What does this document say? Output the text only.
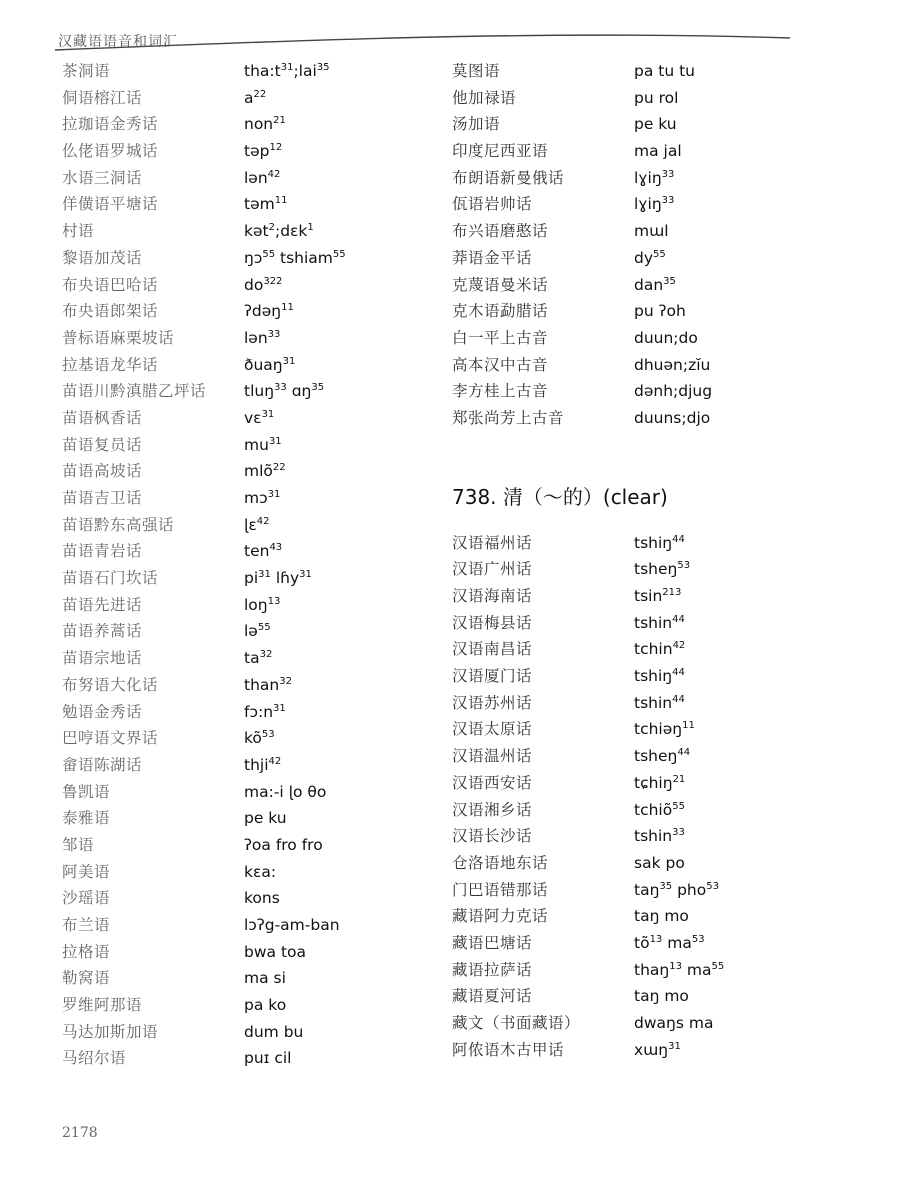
汉藏语语音和词汇
茶洞语	$tha:t^{31};lai^{35}$
侗语榕江话	$a^{22}$
拉珈语金秀话	non$^{21}$
仫佬语罗城话	təp$^{12}$
水语三洞话	lən$^{42}$
佯僙语平塘话	təm$^{11}$
村语	kət$^2$;dɛk$^1$
黎语加茂话	ŋɔ$^{55}$ tshiam$^{55}$
布央语巴哈话	$do^{322}$
布央语郎架话	ʔdəŋ$^{11}$
普标语麻栗坡话	lən$^{33}$
拉基语龙华话	ðuaŋ$^{31}$
苗语川黔滇腊乙坪话	tluŋ$^{33}$ ɑŋ$^{35}$
苗语枫香话	vɛ$^{31}$
苗语复员话	$mu^{31}$
苗语高坡话	mlõ$^{22}$
苗语吉卫话	mɔ$^{31}$
苗语黔东高强话	ɭɛ$^{42}$
苗语青岩话	ten$^{43}$
苗语石门坎话	$pi^{31}$ lɦy$^{31}$
苗语先进话	loŋ$^{13}$
苗语养蒿话	lə$^{55}$
苗语宗地话	$ta^{32}$
布努语大化话	than$^{32}$
勉语金秀话	$fɔ:n^{31}$
巴哼语文界话	$kõ^{53}$
畲语陈湖话	thji$^{42}$
鲁凯语	ma:-i ɭo θo
泰雅语	pe ku
邹语	ʔoa fro fro
阿美语	kɛa:
沙瑶语	kons
布兰语	lɔʔg-am-ban
拉格语	bwa toa
勒窝语	ma si
罗维阿那语	pa ko
马达加斯加语	dum bu
马绍尔语	puɪ cil
莫图语	pa tu tu
他加禄语	pu rol
汤加语	pe ku
印度尼西亚语	ma jal
布朗语新曼俄话	lɣiŋ$^{33}$
佤语岩帅话	lɣiŋ$^{33}$
布兴语磨憨话	mɯl
莽语金平话	$dy^{55}$
克蔑语曼米话	dan$^{35}$
克木语勐腊话	pu ʔoh
白一平上古音	duun;do
高本汉中古音	dhuən;zĭu
李方桂上古音	dənh;djug
郑张尚芳上古音	duuns;djo
738. 清（～的）(clear)
汉语福州话	tshiŋ$^{44}$
汉语广州话	tsheŋ$^{53}$
汉语海南话	tsin$^{213}$
汉语梅县话	tshin$^{44}$
汉语南昌话	tchin$^{42}$
汉语厦门话	tshiŋ$^{44}$
汉语苏州话	tshin$^{44}$
汉语太原话	tchiəŋ$^{11}$
汉语温州话	tsheŋ$^{44}$
汉语西安话	tɕhiŋ$^{21}$
汉语湘乡话	tchiõ$^{55}$
汉语长沙话	tshin$^{33}$
仓洛语地东话	sak po
门巴语错那话	taŋ$^{35}$ pho$^{53}$
藏语阿力克话	taŋ mo
藏语巴塘话	$tõ^{13}$ $ma^{53}$
藏语拉萨话	thaŋ$^{13}$ $ma^{55}$
藏语夏河话	taŋ mo
藏文（书面藏语）	dwaŋs ma
阿侬语木古甲话	xɯŋ$^{31}$
2178
